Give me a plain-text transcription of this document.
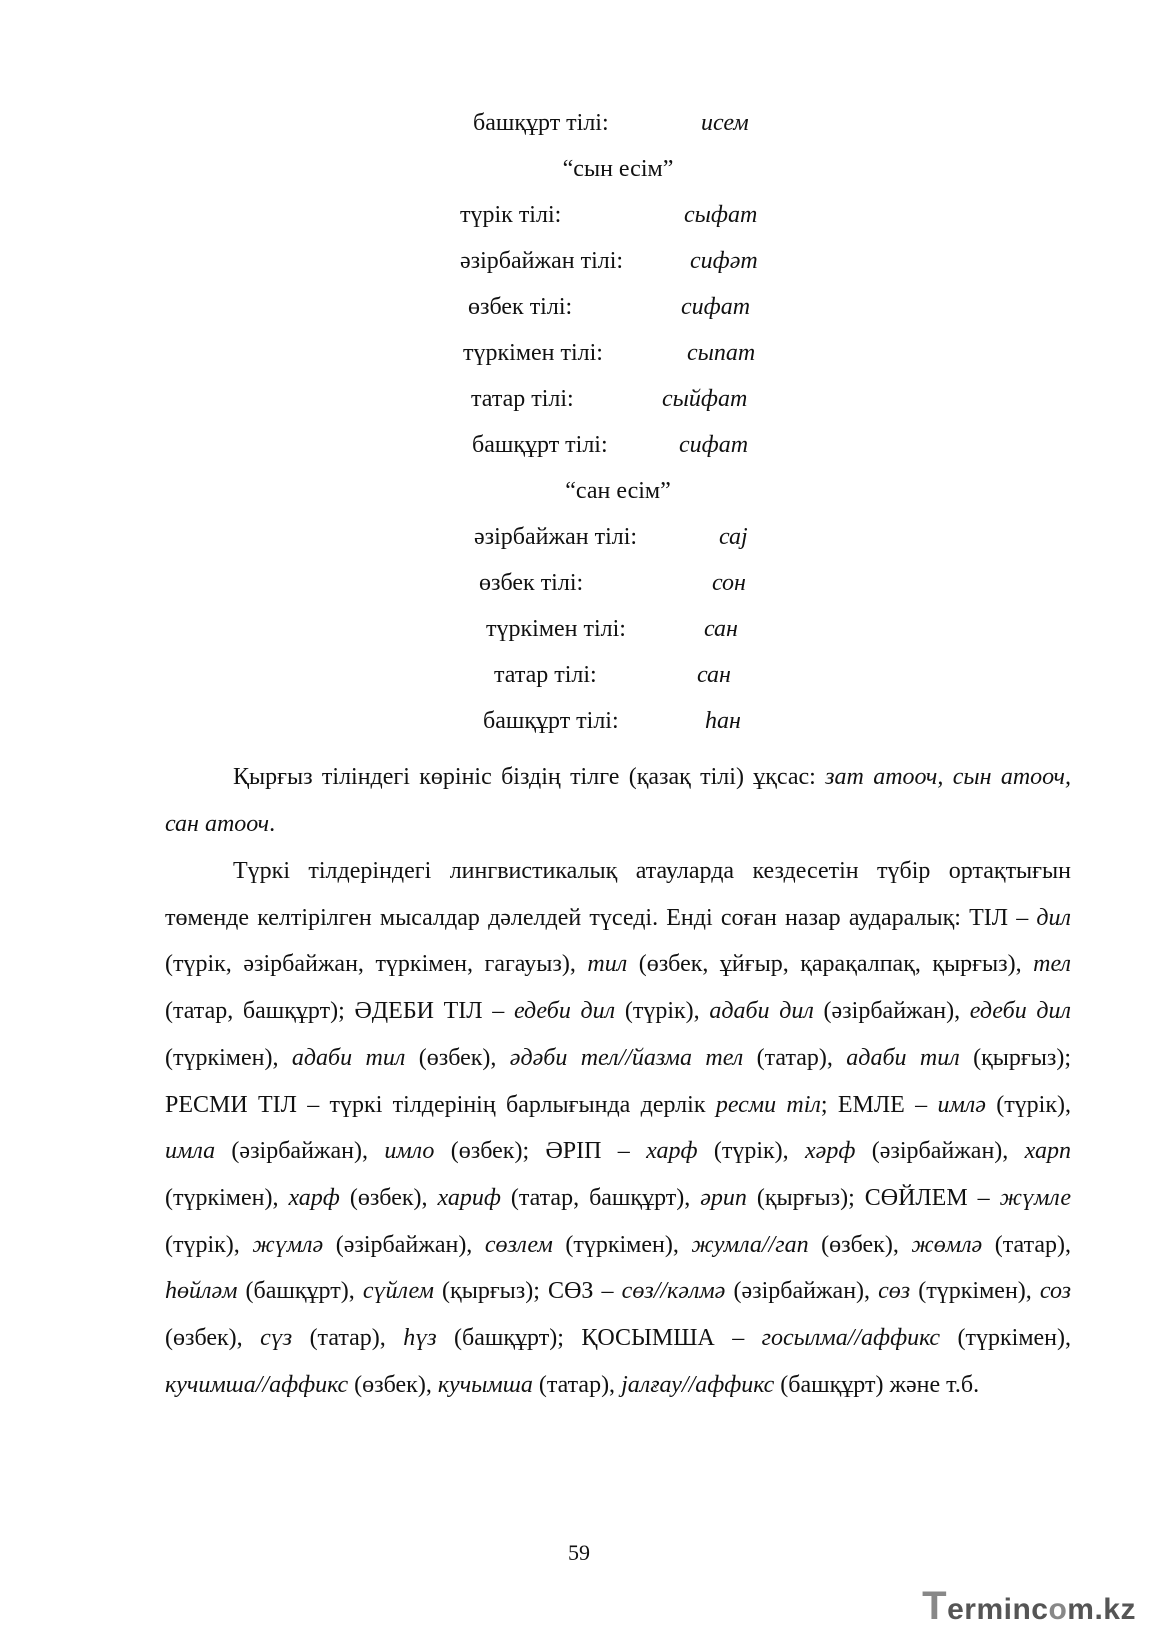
башқұрт тілі:	исем
“сын есім”
түрік тілі:	сыфат
әзірбайжан тілі:	сифәт
өзбек тілі:	сифат
түркімен тілі:	сыпат
татар тілі:	сыйфат
башқұрт тілі:	сифат
“сан есім”
әзірбайжан тілі:	сај
өзбек тілі:	сон
түркімен тілі:	сан
татар тілі:	сан
башқұрт тілі:	һан
Қырғыз тіліндегі көрініс біздің тілге (қазақ тілі) ұқсас: зат атооч, сын атооч, сан атооч.
Түркі тілдеріндегі лингвистикалық атауларда кездесетін түбір ортақтығын төменде келтірілген мысалдар дәлелдей түседі. Енді соған назар аударалық: ТІЛ – дил (түрік, әзірбайжан, түркімен, гагауыз), тил (өзбек, ұйғыр, қарақалпақ, қырғыз), тел (татар, башқұрт); ӘДЕБИ ТІЛ – едеби дил (түрік), адаби дил (әзірбайжан), едеби дил (түркімен), адаби тил (өзбек), әдәби тел//йазма тел (татар), адаби тил (қырғыз); РЕСМИ ТІЛ – түркі тілдерінің барлығында дерлік ресми тіл; ЕМЛЕ – имлә (түрік), имла (әзірбайжан), имло (өзбек); ӘРІП – харф (түрік), хәрф (әзірбайжан), харп (түркімен), харф (өзбек), хариф (татар, башқұрт), әрип (қырғыз); СӨЙЛЕМ – жүмле (түрік), жүмлә (әзірбайжан), сөзлем (түркімен), жумла//гап (өзбек), жөмлә (татар), һөйләм (башқұрт), сүйлем (қырғыз); СӨЗ – сөз//кәлмә (әзірбайжан), сөз (түркімен), соз (өзбек), сүз (татар), һүз (башқұрт); ҚОСЫМША – госылма//аффикс (түркімен), кучимша//аффикс (өзбек), кучымша (татар), јалғау//аффикс (башқұрт) және т.б.
59
Termincom.kz
